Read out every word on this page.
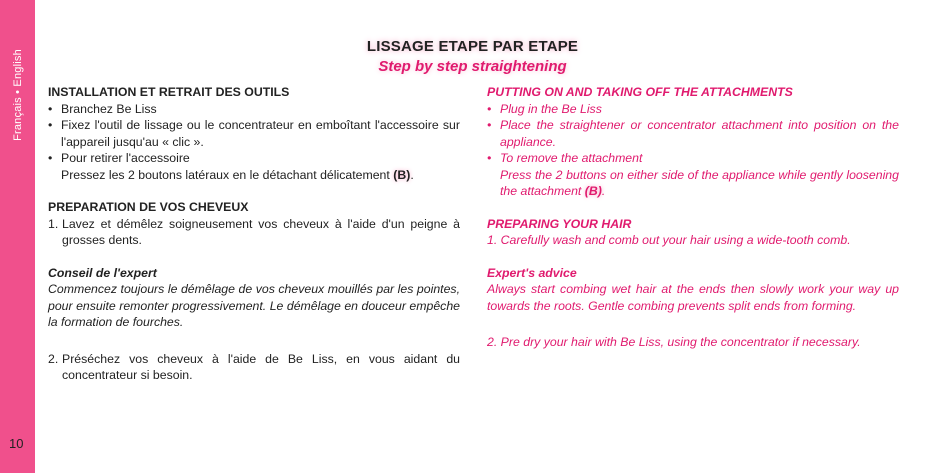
Français • English
10
LISSAGE ETAPE PAR ETAPE
Step by step straightening

INSTALLATION ET RETRAIT DES OUTILS

• Branchez Be Liss

• Fixez l'outil de lissage ou le concentrateur en emboîtant l'accessoire sur l'appareil jusqu'au « clic ».

• Pour retirer l'accessoire

Pressez les 2 boutons latéraux en le détachant délicatement (B).

PREPARATION DE VOS CHEVEUX

1. Lavez et démêlez soigneusement vos cheveux à l'aide d'un peigne à grosses dents.

Conseil de l'expert

Commencez toujours le démêlage de vos cheveux mouillés par les pointes, pour ensuite remonter progressivement. Le démêlage en douceur empêche la formation de fourches.

2. Préséchez vos cheveux à l'aide de Be Liss, en vous aidant du concentrateur si besoin.

PUTTING ON AND TAKING OFF THE ATTACHMENTS

• Plug in the Be Liss

• Place the straightener or concentrator attachment into position on the appliance.

• To remove the attachment

Press the 2 buttons on either side of the appliance while gently loosening the attachment (B).

PREPARING YOUR HAIR

1. Carefully wash and comb out your hair using a wide-tooth comb.

Expert's advice

Always start combing wet hair at the ends then slowly work your way up towards the roots. Gentle combing prevents split ends from forming.

2. Pre dry your hair with Be Liss, using the concentrator if necessary.
